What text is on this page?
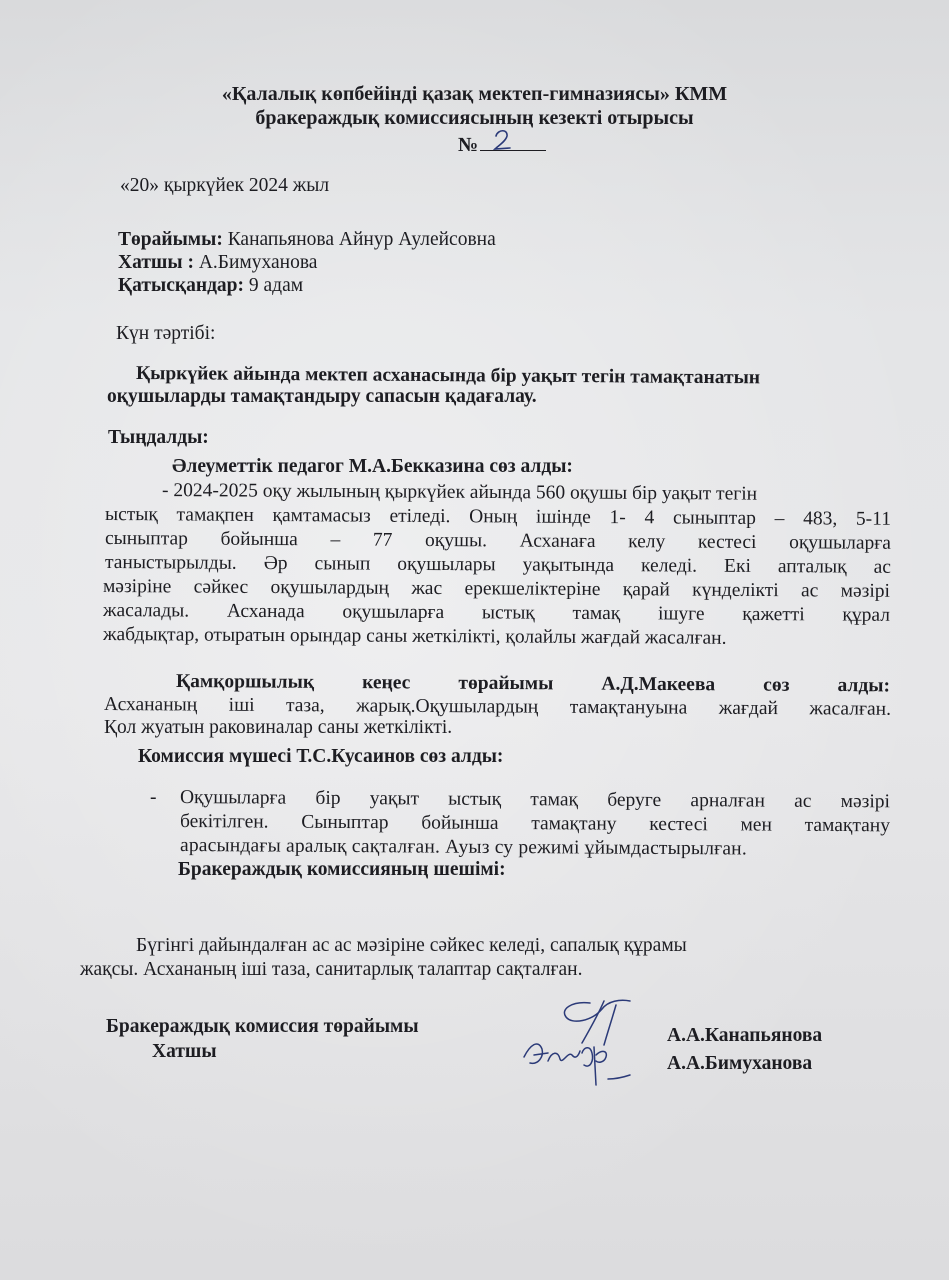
«Қалалық көпбейінді қазақ мектеп-гимназиясы» КММ
бракераждық комиссиясының кезекті отырысы
№
«20» қыркүйек 2024 жыл
Төрайымы: Канапьянова Айнур Аулейсовна
Хатшы : А.Бимуханова
Қатысқандар: 9 адам
Күн тәртібі:
Қыркүйек айында мектеп асханасында бір уақыт тегін тамақтанатын
оқушыларды тамақтандыру сапасын қадағалау.
Тыңдалды:
Әлеуметтік педагог М.А.Бекказина сөз алды:
- 2024-2025 оқу жылының қыркүйек айында 560 оқушы бір уақыт тегін
ыстық тамақпен қамтамасыз етіледі. Оның ішінде 1- 4 сыныптар – 483, 5-11
сыныптар бойынша – 77 оқушы. Асханаға келу кестесі оқушыларға
таныстырылды. Әр сынып оқушылары уақытында келеді. Екі апталық ас
мәзіріне сәйкес оқушылардың жас ерекшеліктеріне қарай күнделікті ас мәзірі
жасалады. Асханада оқушыларға ыстық тамақ ішуге қажетті құрал
жабдықтар, отыратын орындар саны жеткілікті, қолайлы жағдай жасалған.
Қамқоршылық кеңес төрайымы А.Д.Макеева сөз алды:
Асхананың іші таза, жарық.Оқушылардың тамақтануына жағдай жасалған.
Қол жуатын раковиналар саны жеткілікті.
Комиссия мүшесі Т.С.Кусаинов сөз алды:
- Оқушыларға бір уақыт ыстық тамақ беруге арналған ас мәзірі
бекітілген. Сыныптар бойынша тамақтану кестесі мен тамақтану
арасындағы аралық сақталған. Ауыз су режимі ұйымдастырылған.
Бракераждық комиссияның шешімі:
Бүгінгі дайындалған ас ас мәзіріне сәйкес келеді, сапалық құрамы
жақсы. Асхананың іші таза, санитарлық талаптар сақталған.
Бракераждық комиссия төрайымы
Хатшы
А.А.Канапьянова
А.А.Бимуханова
